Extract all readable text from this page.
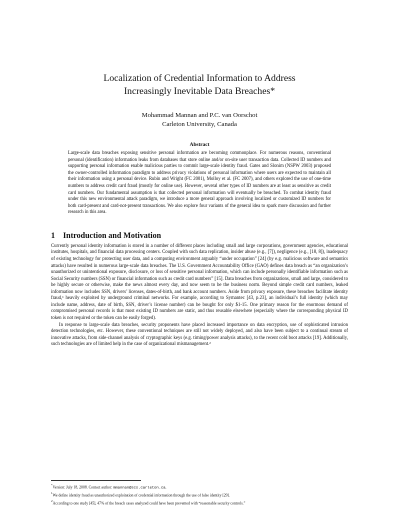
Localization of Credential Information to Address
Increasingly Inevitable Data Breaches*
Mohammad Mannan and P.C. van Oorschot
Carleton University, Canada
Abstract
Large-scale data breaches exposing sensitive personal information are becoming commonplace. For numerous reasons, conventional personal (identification) information leaks from databases that store online and/or on-site user transaction data. Collected ID numbers and supporting personal information enable malicious parties to commit large-scale identity fraud. Gates and Slonim (NSPW 2003) proposed the owner-controlled information paradigm to address privacy violations of personal information where users are expected to maintain all their information using a personal device. Rubin and Wright (FC 2001), Molloy et al. (FC 2007), and others explored the use of one-time numbers to address credit card fraud (mostly for online use). However, several other types of ID numbers are at least as sensitive as credit card numbers. Our fundamental assumption is that collected personal information will eventually be breached. To combat identity fraud under this new environmental attack paradigm, we introduce a more general approach involving localized or customized ID numbers for both card-present and card-not-present transactions. We also explore four variants of the general idea to spark more discussion and further research in this area.
1 Introduction and Motivation

Currently personal identity information is stored in a number of different places including small and large corporations, government agencies, educational institutes, hospitals, and financial data processing centers. Coupled with such data replication, insider abuse (e.g., [7]), negligence (e.g., [18, 8]), inadequacy of existing technology for protecting user data, and a computing environment arguably “under occupation” [24] (by e.g. malicious software and semantics attacks) have resulted in numerous large-scale data breaches. The U.S. Government Accountability Office (GAO) defines data breach as “an organization’s unauthorized or unintentional exposure, disclosure, or loss of sensitive personal information, which can include personally identifiable information such as Social Security numbers (SSN) or financial information such as credit card numbers” [15]. Data breaches from organizations, small and large, considered to be highly secure or otherwise, make the news almost every day, and now seem to be the business norm. Beyond simple credit card numbers, leaked information now includes SSN, drivers’ licenses, dates-of-birth, and bank account numbers. Aside from privacy exposure, these breaches facilitate identity fraud,¹ heavily exploited by underground criminal networks. For example, according to Symantec [43, p.23], an individual’s full identity (which may include name, address, date of birth, SSN, driver’s license number) can be bought for only $1-15. One primary reason for the enormous demand of compromised personal records is that most existing ID numbers are static, and thus reusable elsewhere (especially where the corresponding physical ID token is not required or the token can be easily forged).

In response to large-scale data breaches, security proponents have placed increased importance on data encryption, use of sophisticated intrusion detection technologies, etc. However, these conventional techniques are still not widely deployed, and also have been subject to a continual stream of innovative attacks, from side-channel analysis of cryptographic keys (e.g. timing/power analysis attacks), to the recent cold boot attacks [19]. Additionally, such technologies are of limited help in the case of organizational mismanagement.²

*Version: July 18, 2008. Contact author: mmannan@scs.carleton.ca.
$^1$We define identity fraud as unauthorized exploitation of credential information through the use of false identity [29].
$^2$According to one study [45], 47% of the breach cases analyzed could have been prevented with “reasonable security controls.”
